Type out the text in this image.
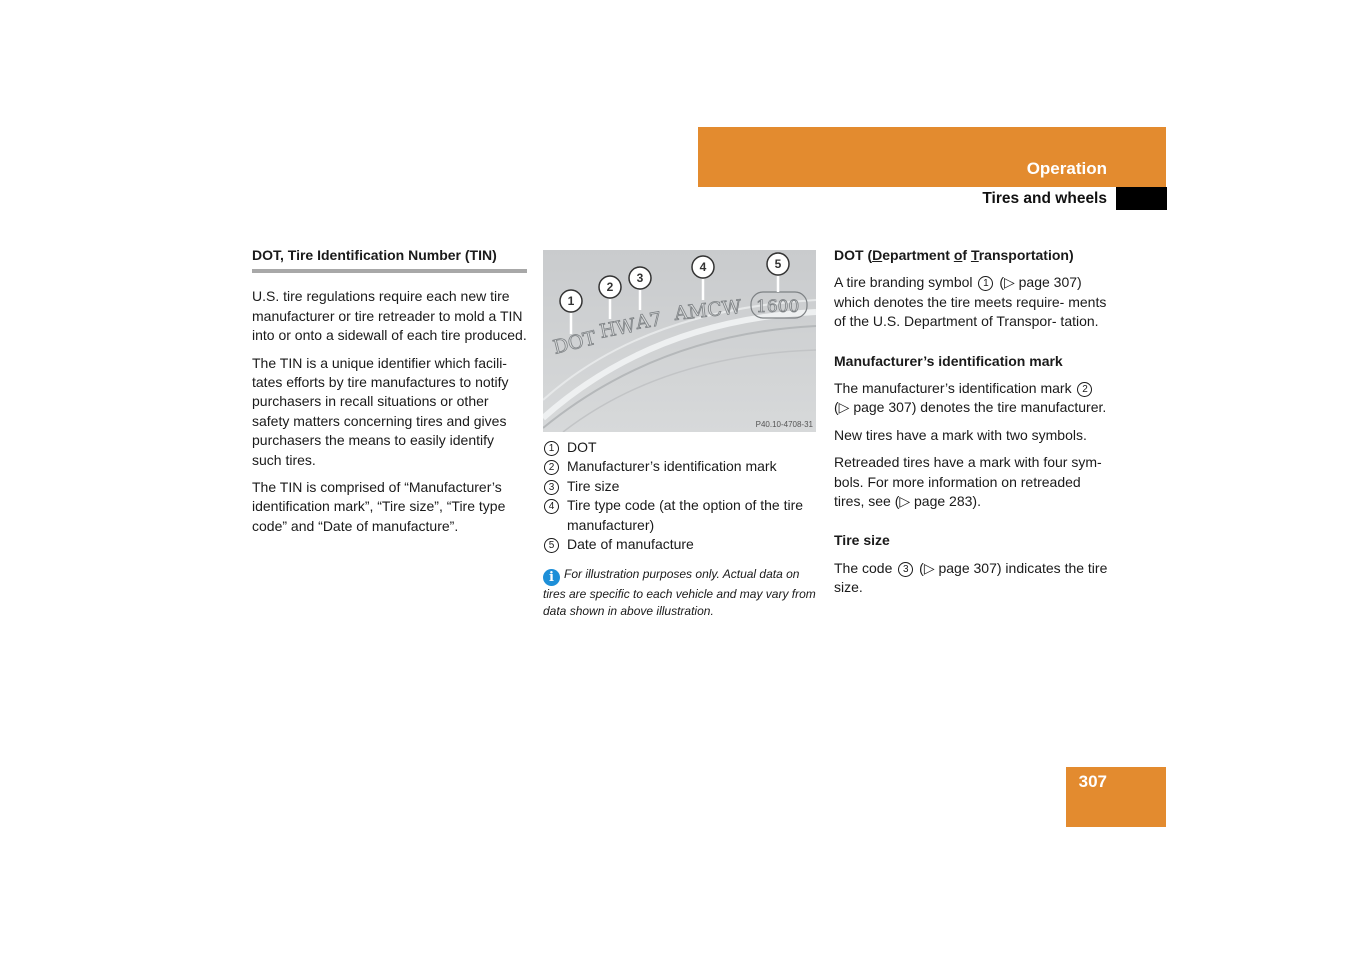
Operation
Tires and wheels
DOT, Tire Identification Number (TIN)

U.S. tire regulations require each new tire manufacturer or tire retreader to mold a TIN into or onto a sidewall of each tire produced.

The TIN is a unique identifier which facili- tates efforts by tire manufactures to notify purchasers in recall situations or other safety matters concerning tires and gives purchasers the means to easily identify such tires.

The TIN is comprised of “Manufacturer’s identification mark”, “Tire size”, “Tire type code” and “Date of manufacture”.

DOT HW
A7 AMCW 1600
1
2
3
4	5
P40.10-4708-31
1 DOT
2 Manufacturer’s identification mark
3 Tire size
4 Tire type code (at the option of the tire manufacturer)
5 Date of manufacture
i For illustration purposes only. Actual data on tires are specific to each vehicle and may vary from data shown in above illustration.
DOT (Department of Transportation)

A tire branding symbol 1 (▷ page 307) which denotes the tire meets require- ments of the U.S. Department of Transpor- tation.

Manufacturer’s identification mark

The manufacturer’s identification mark 2 (▷ page 307) denotes the tire manufacturer.

New tires have a mark with two symbols.

Retreaded tires have a mark with four sym- bols. For more information on retreaded tires, see (▷ page 283).

Tire size

The code 3 (▷ page 307) indicates the tire size.

307
